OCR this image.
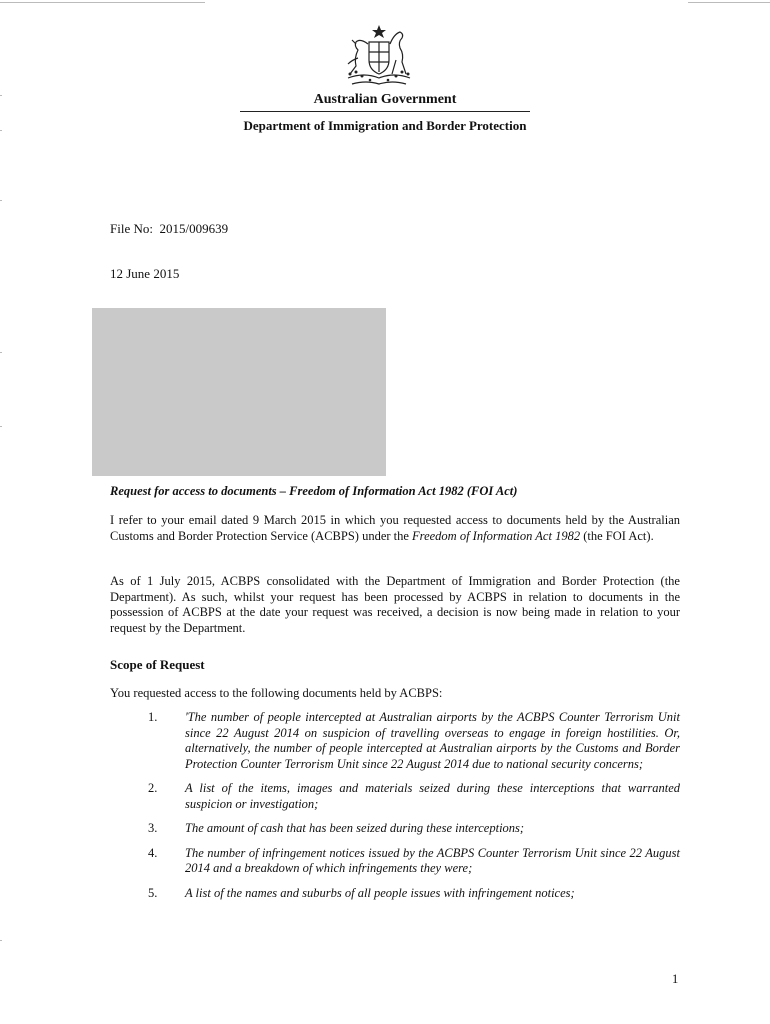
Australian Government
Department of Immigration and Border Protection
File No:  2015/009639
12 June 2015
Request for access to documents – Freedom of Information Act 1982 (FOI Act)
I refer to your email dated 9 March 2015 in which you requested access to documents held by the Australian Customs and Border Protection Service (ACBPS) under the Freedom of Information Act 1982 (the FOI Act).
As of 1 July 2015, ACBPS consolidated with the Department of Immigration and Border Protection (the Department). As such, whilst your request has been processed by ACBPS in relation to documents in the possession of ACBPS at the date your request was received, a decision is now being made in relation to your request by the Department.
Scope of Request
You requested access to the following documents held by ACBPS:
1.	'The number of people intercepted at Australian airports by the ACBPS Counter Terrorism Unit since 22 August 2014 on suspicion of travelling overseas to engage in foreign hostilities. Or, alternatively, the number of people intercepted at Australian airports by the Customs and Border Protection Counter Terrorism Unit since 22 August 2014 due to national security concerns;
2.	A list of the items, images and materials seized during these interceptions that warranted suspicion or investigation;
3.	The amount of cash that has been seized during these interceptions;
4.	The number of infringement notices issued by the ACBPS Counter Terrorism Unit since 22 August 2014 and a breakdown of which infringements they were;
5.	A list of the names and suburbs of all people issues with infringement notices;
1
